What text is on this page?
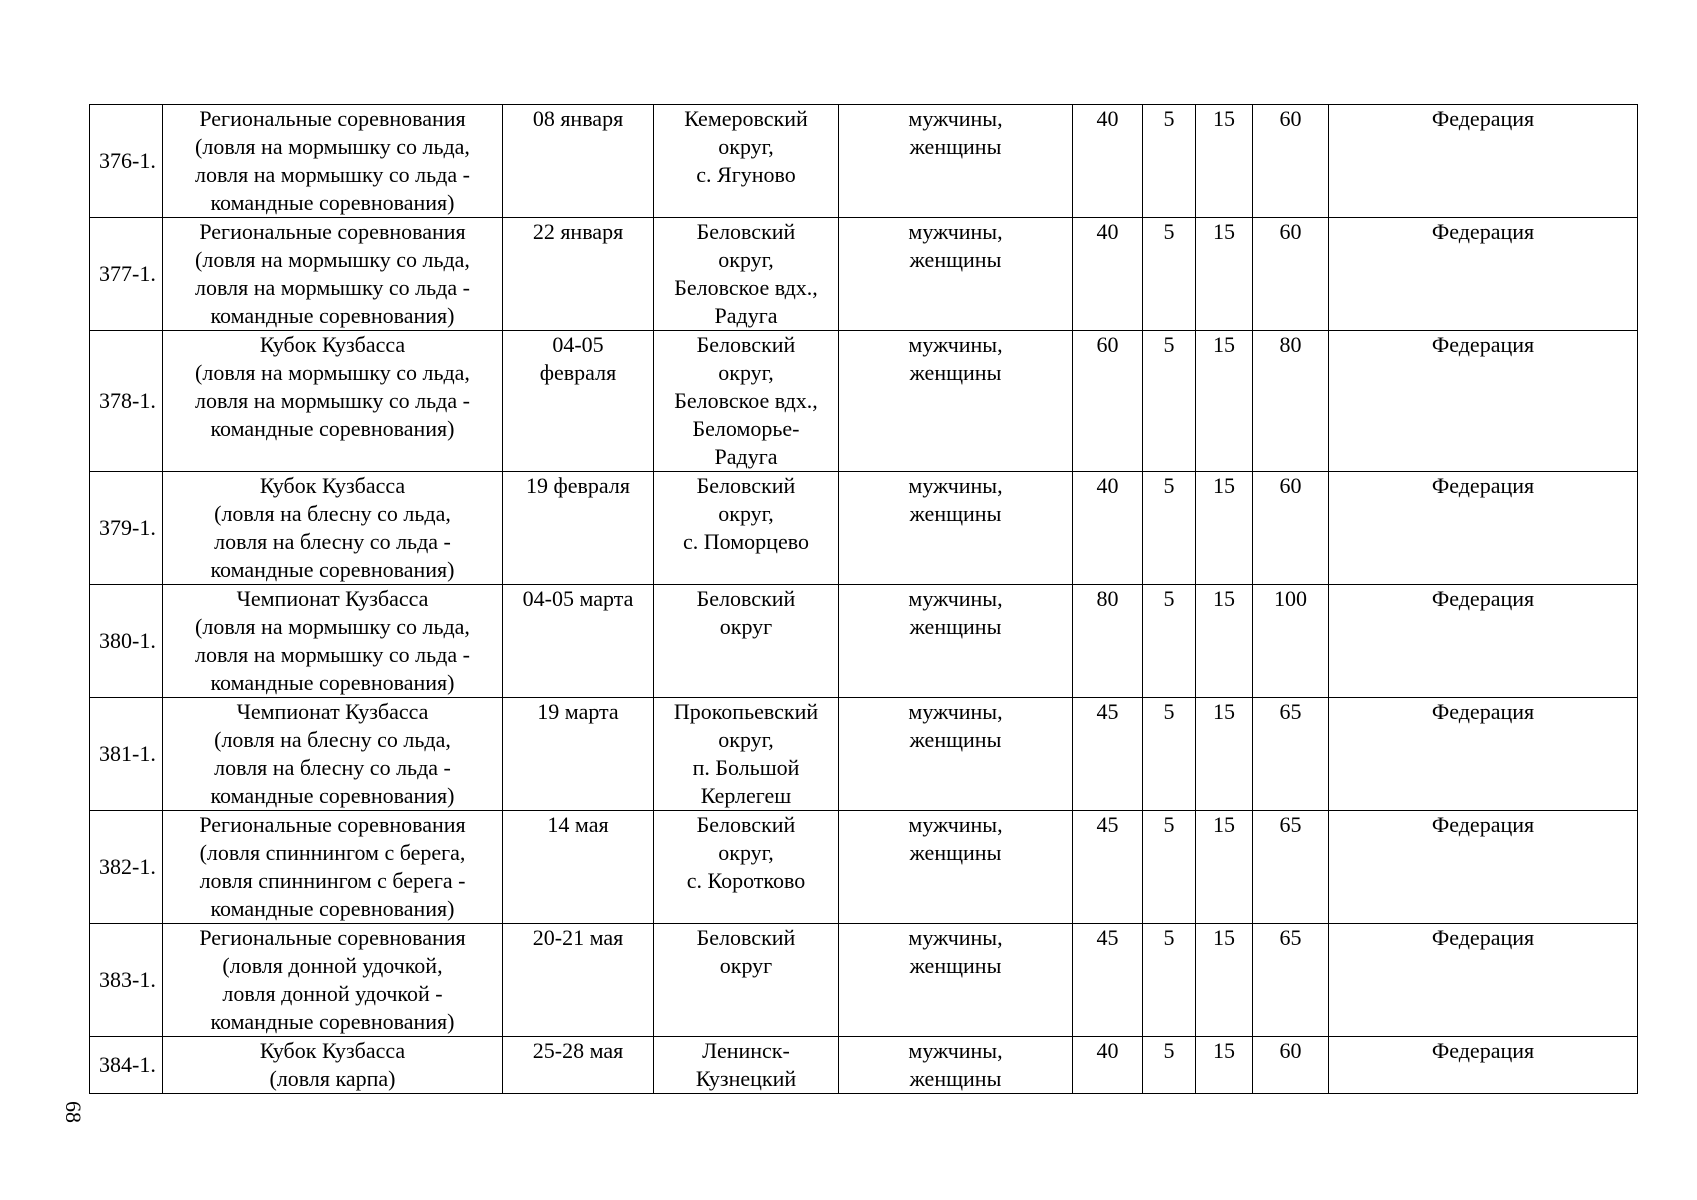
376-1.	Региональные соревнования
(ловля на мормышку со льда,
ловля на мормышку со льда -
командные соревнования)	08 января	Кемеровский
округ,
с. Ягуново	мужчины,
женщины	40	5	15	60	Федерация
377-1.	Региональные соревнования
(ловля на мормышку со льда,
ловля на мормышку со льда -
командные соревнования)	22 января	Беловский
округ,
Беловское вдх.,
Радуга	мужчины,
женщины	40	5	15	60	Федерация
378-1.	Кубок Кузбасса
(ловля на мормышку со льда,
ловля на мормышку со льда -
командные соревнования)	04-05
февраля	Беловский
округ,
Беловское вдх.,
Беломорье-
Радуга	мужчины,
женщины	60	5	15	80	Федерация
379-1.	Кубок Кузбасса
(ловля на блесну со льда,
ловля на блесну со льда -
командные соревнования)	19 февраля	Беловский
округ,
с. Поморцево	мужчины,
женщины	40	5	15	60	Федерация
380-1.	Чемпионат Кузбасса
(ловля на мормышку со льда,
ловля на мормышку со льда -
командные соревнования)	04-05 марта	Беловский
округ	мужчины,
женщины	80	5	15	100	Федерация
381-1.	Чемпионат Кузбасса
(ловля на блесну со льда,
ловля на блесну со льда -
командные соревнования)	19 марта	Прокопьевский
округ,
п. Большой
Керлегеш	мужчины,
женщины	45	5	15	65	Федерация
382-1.	Региональные соревнования
(ловля спиннингом с берега,
ловля спиннингом с берега -
командные соревнования)	14 мая	Беловский
округ,
с. Коротково	мужчины,
женщины	45	5	15	65	Федерация
383-1.	Региональные соревнования
(ловля донной удочкой,
ловля донной удочкой -
командные соревнования)	20-21 мая	Беловский
округ	мужчины,
женщины	45	5	15	65	Федерация
384-1.	Кубок Кузбасса
(ловля карпа)	25-28 мая	Ленинск-
Кузнецкий	мужчины,
женщины	40	5	15	60	Федерация
68
